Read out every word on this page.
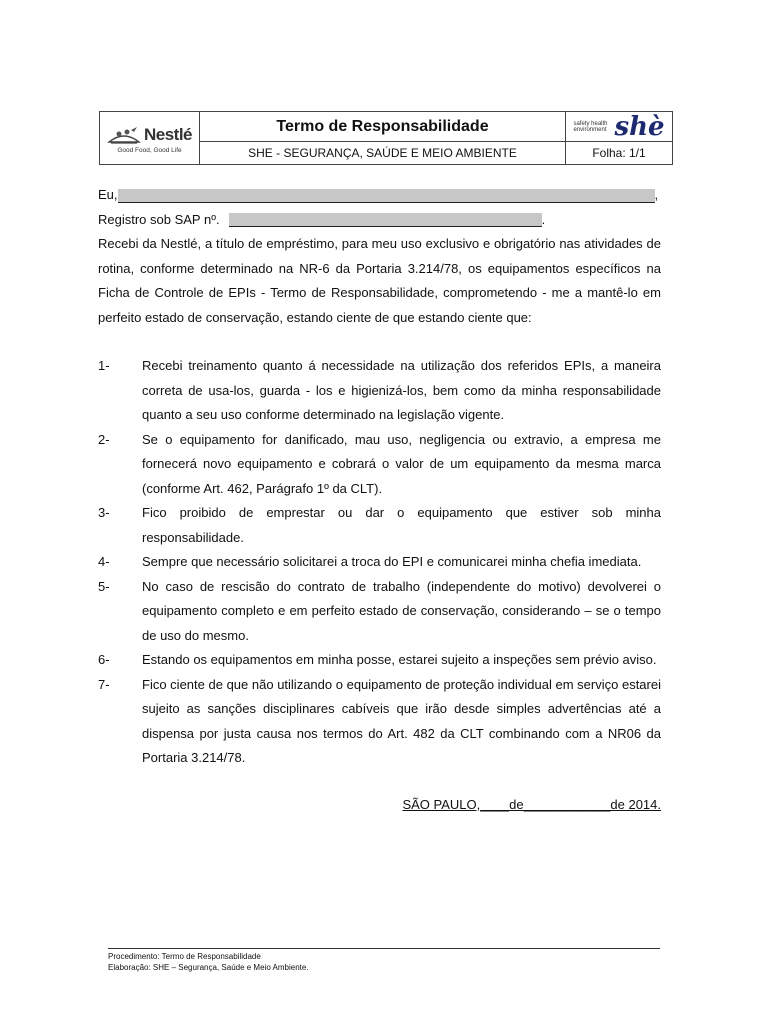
Nestlé
Good Food, Good Life
Termo de Responsabilidade	safety health
environment shè
SHE - SEGURANÇA, SAÚDE E MEIO AMBIENTE	Folha: 1/1
Eu,	,
Registro sob SAP nº.	.

Recebi da Nestlé, a título de empréstimo, para meu uso exclusivo e obrigatório nas atividades de rotina, conforme determinado na NR-6 da Portaria 3.214/78, os equipamentos específicos na Ficha de Controle de EPIs - Termo de Responsabilidade, comprometendo - me a mantê-lo em perfeito estado de conservação, estando ciente de que estando ciente que:

1-	Recebi treinamento quanto á necessidade na utilização dos referidos EPIs, a maneira correta de usa-los, guarda - los e higienizá-los, bem como da minha responsabilidade quanto a seu uso conforme determinado na legislação vigente.
2-	Se o equipamento for danificado, mau uso, negligencia ou extravio, a empresa me fornecerá novo equipamento e cobrará o valor de um equipamento da mesma marca (conforme Art. 462, Parágrafo 1º da CLT).
3-	Fico proibido de emprestar ou dar o equipamento que estiver sob minha responsabilidade.
4-	Sempre que necessário solicitarei a troca do EPI e comunicarei minha chefia imediata.
5-	No caso de rescisão do contrato de trabalho (independente do motivo) devolverei o equipamento completo e em perfeito estado de conservação, considerando – se o tempo de uso do mesmo.
6-	Estando os equipamentos em minha posse, estarei sujeito a inspeções sem prévio aviso.
7-	Fico ciente de que não utilizando o equipamento de proteção individual em serviço estarei sujeito as sanções disciplinares cabíveis que irão desde simples advertências até a dispensa por justa causa nos termos do Art. 482 da CLT combinando com a NR06 da Portaria 3.214/78.
SÃO PAULO,____de____________de 2014.
Procedimento: Termo de Responsabilidade
Elaboração: SHE – Segurança, Saúde e Meio Ambiente.
